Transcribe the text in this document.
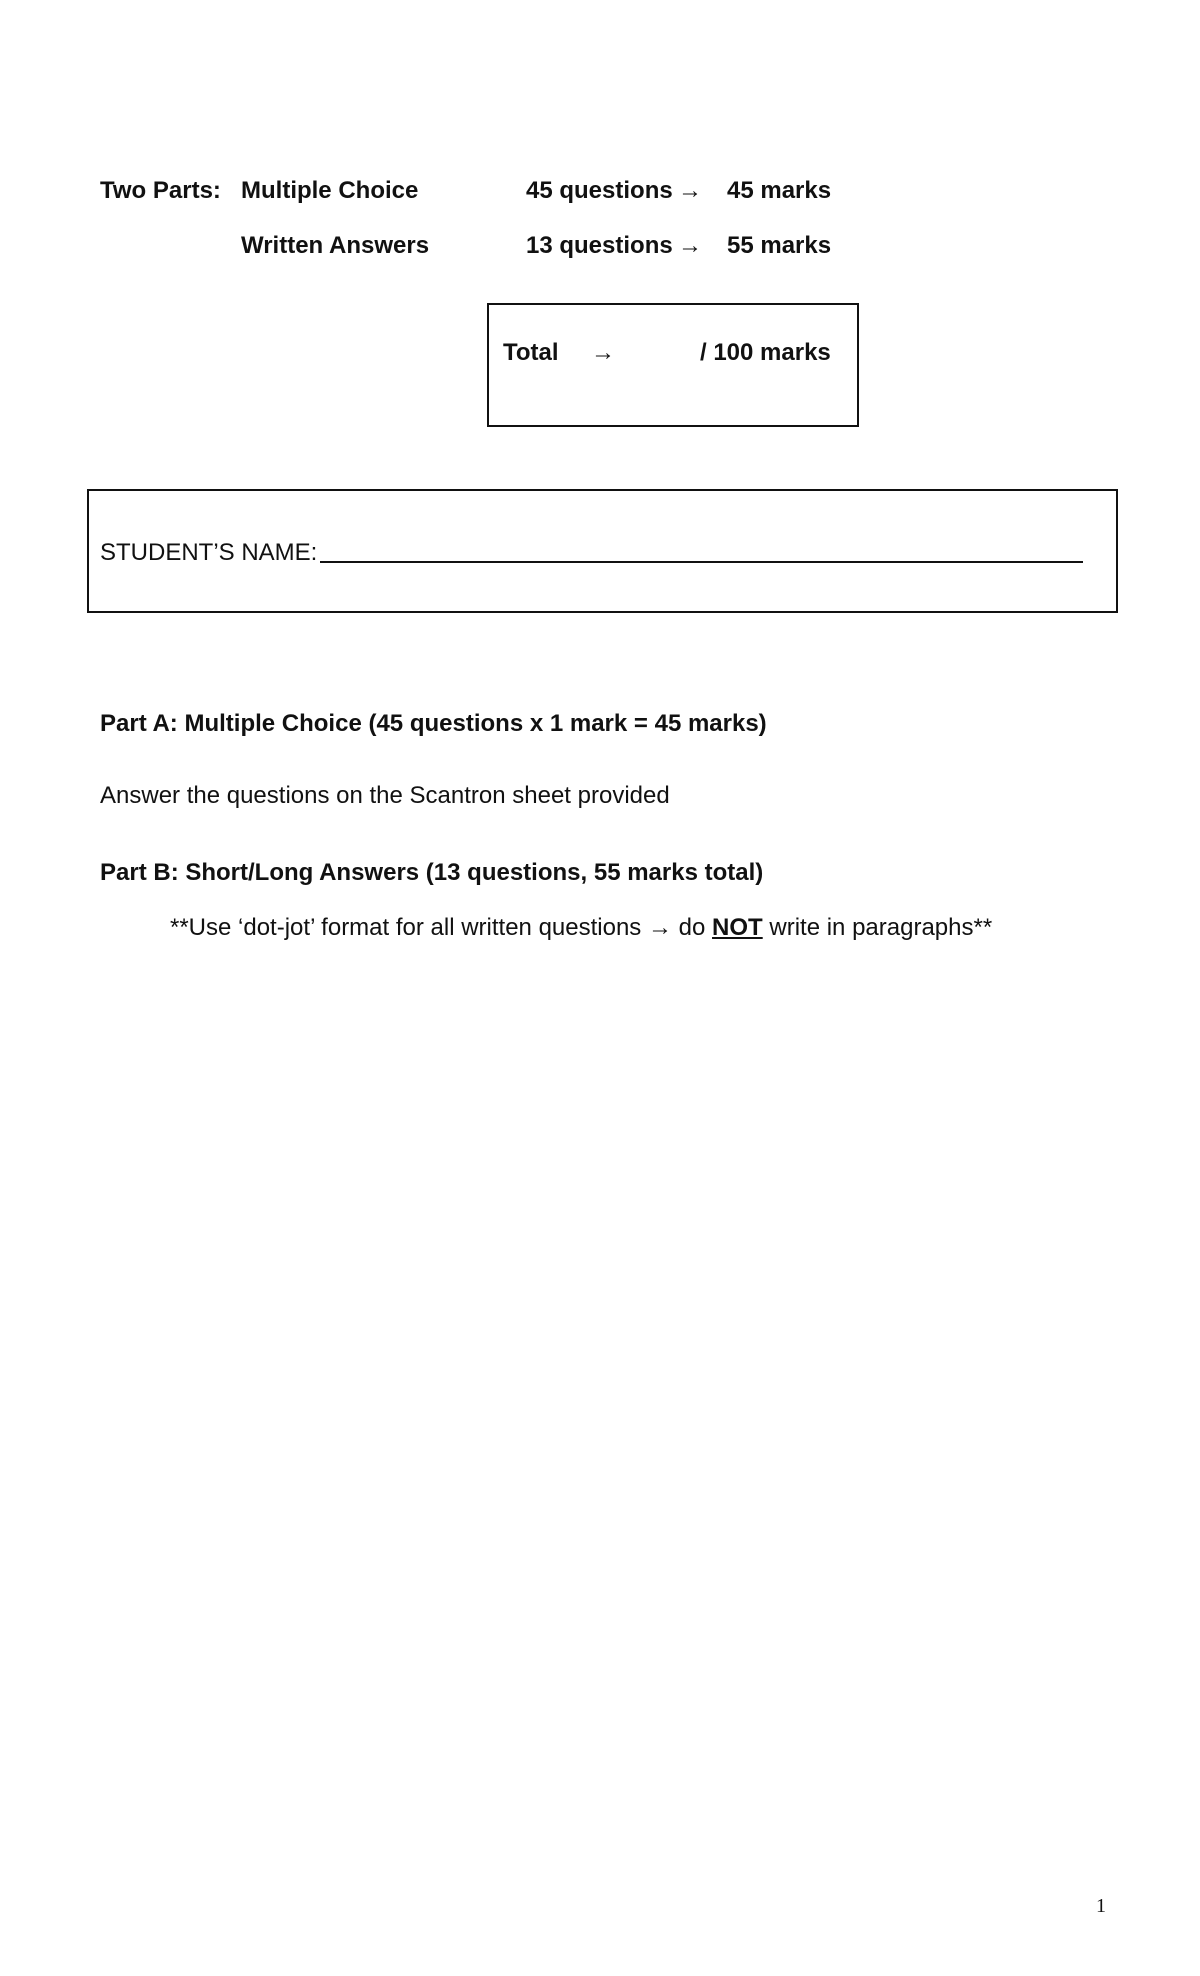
Two Parts: Multiple Choice	45 questions → 45 marks
Written Answers	13 questions → 55 marks
Total →	/ 100 marks
STUDENT’S NAME:
Part A: Multiple Choice (45 questions x 1 mark = 45 marks)
Answer the questions on the Scantron sheet provided
Part B: Short/Long Answers (13 questions, 55 marks total)
**Use ‘dot-jot’ format for all written questions → do NOT write in paragraphs**
1
